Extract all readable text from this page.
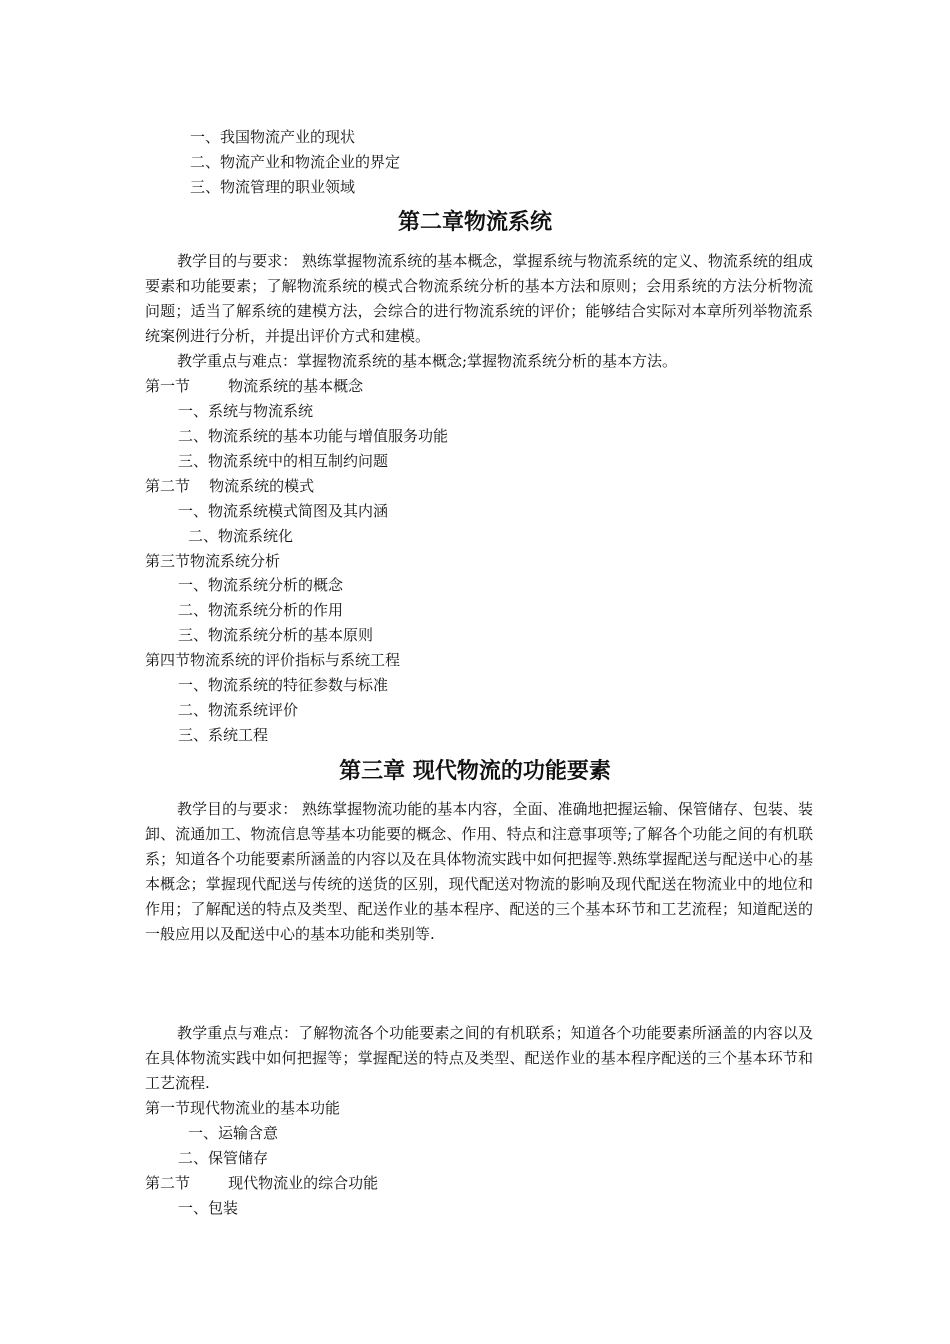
一、我国物流产业的现状

二、物流产业和物流企业的界定

三、物流管理的职业领域

第二章物流系统

教学目的与要求： 熟练掌握物流系统的基本概念，掌握系统与物流系统的定义、物流系统的组成要素和功能要素；了解物流系统的模式合物流系统分析的基本方法和原则；会用系统的方法分析物流问题；适当了解系统的建模方法，会综合的进行物流系统的评价；能够结合实际对本章所列举物流系统案例进行分析，并提出评价方式和建模。

教学重点与难点：掌握物流系统的基本概念;掌握物流系统分析的基本方法。

第一节        物流系统的基本概念

一、系统与物流系统

二、物流系统的基本功能与增值服务功能

三、物流系统中的相互制约问题

第二节    物流系统的模式

一、物流系统模式简图及其内涵

二、物流系统化

第三节物流系统分析

一、物流系统分析的概念

二、物流系统分析的作用

三、物流系统分析的基本原则

第四节物流系统的评价指标与系统工程

一、物流系统的特征参数与标准

二、物流系统评价

三、系统工程

第三章 现代物流的功能要素

教学目的与要求： 熟练掌握物流功能的基本内容，全面、准确地把握运输、保管储存、包装、装卸、流通加工、物流信息等基本功能要的概念、作用、特点和注意事项等;了解各个功能之间的有机联系；知道各个功能要素所涵盖的内容以及在具体物流实践中如何把握等.熟练掌握配送与配送中心的基本概念；掌握现代配送与传统的送货的区别，现代配送对物流的影响及现代配送在物流业中的地位和作用；了解配送的特点及类型、配送作业的基本程序、配送的三个基本环节和工艺流程；知道配送的一般应用以及配送中心的基本功能和类别等.

教学重点与难点：了解物流各个功能要素之间的有机联系；知道各个功能要素所涵盖的内容以及在具体物流实践中如何把握等；掌握配送的特点及类型、配送作业的基本程序配送的三个基本环节和工艺流程.

第一节现代物流业的基本功能

一、运输含意

二、保管储存

第二节        现代物流业的综合功能

一、包装
